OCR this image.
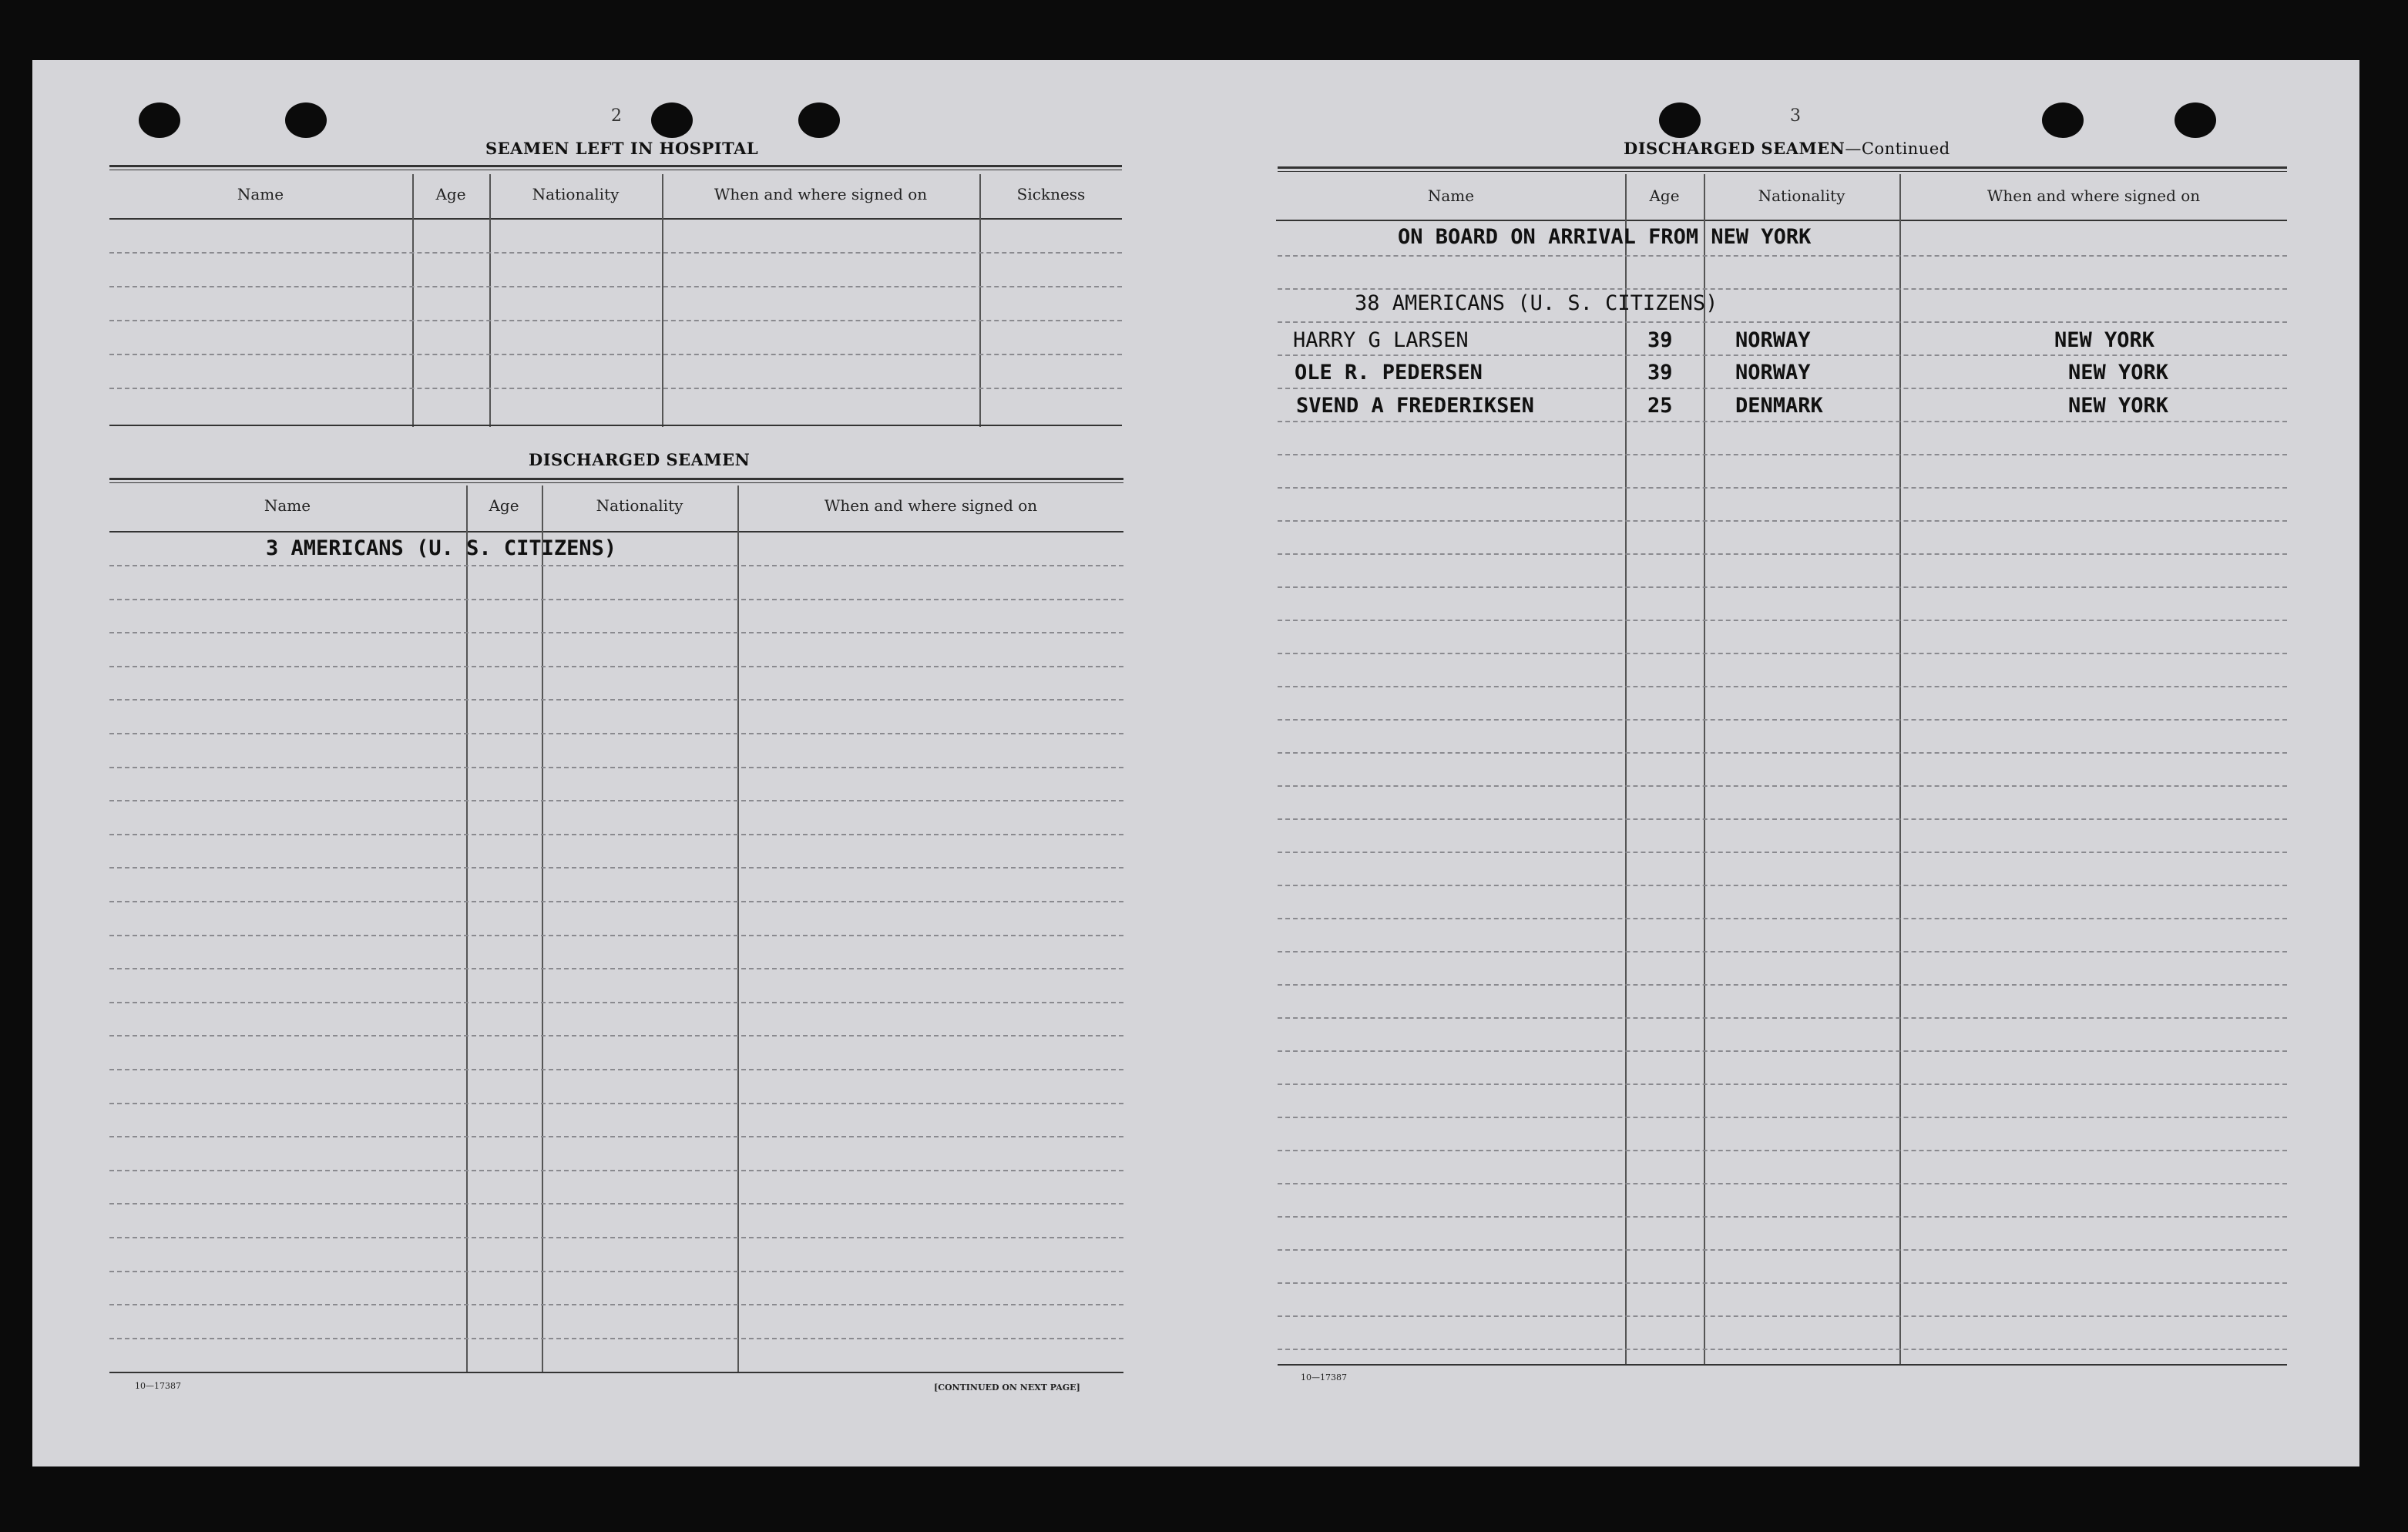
2
SEAMEN LEFT IN HOSPITAL
Name	Age	Nationality	When and where signed on	Sickness
DISCHARGED SEAMEN
Name	Age	Nationality	When and where signed on
3 AMERICANS (U. S. CITIZENS)
10—17387	[CONTINUED ON NEXT PAGE]
3
DISCHARGED SEAMEN—Continued
Name	Age	Nationality	When and where signed on
ON BOARD ON ARRIVAL FROM NEW YORK
38 AMERICANS (U. S. CITIZENS)
HARRY G LARSEN	39	NORWAY	NEW YORK
OLE R. PEDERSEN	39	NORWAY	NEW YORK
SVEND A FREDERIKSEN	25	DENMARK	NEW YORK
10—17387
